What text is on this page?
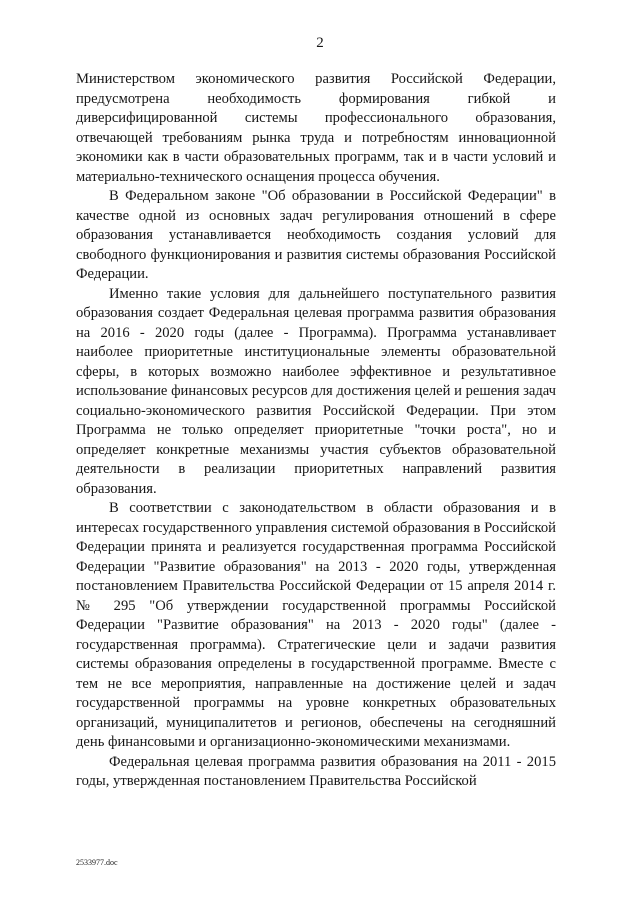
2

Министерством экономического развития Российской Федерации, предусмотрена необходимость формирования гибкой и диверсифицированной системы профессионального образования, отвечающей требованиям рынка труда и потребностям инновационной экономики как в части образовательных программ, так и в части условий и материально-технического оснащения процесса обучения.

В Федеральном законе "Об образовании в Российской Федерации" в качестве одной из основных задач регулирования отношений в сфере образования устанавливается необходимость создания условий для свободного функционирования и развития системы образования Российской Федерации.

Именно такие условия для дальнейшего поступательного развития образования создает Федеральная целевая программа развития образования на 2016 - 2020 годы (далее - Программа). Программа устанавливает наиболее приоритетные институциональные элементы образовательной сферы, в которых возможно наиболее эффективное и результативное использование финансовых ресурсов для достижения целей и решения задач социально-экономического развития Российской Федерации. При этом Программа не только определяет приоритетные "точки роста", но и определяет конкретные механизмы участия субъектов образовательной деятельности в реализации приоритетных направлений развития образования.

В соответствии с законодательством в области образования и в интересах государственного управления системой образования в Российской Федерации принята и реализуется государственная программа Российской Федерации "Развитие образования" на 2013 - 2020 годы, утвержденная постановлением Правительства Российской Федерации от 15 апреля 2014 г. № 295 "Об утверждении государственной программы Российской Федерации "Развитие образования" на 2013 - 2020 годы" (далее - государственная программа). Стратегические цели и задачи развития системы образования определены в государственной программе. Вместе с тем не все мероприятия, направленные на достижение целей и задач государственной программы на уровне конкретных образовательных организаций, муниципалитетов и регионов, обеспечены на сегодняшний день финансовыми и организационно-экономическими механизмами.

Федеральная целевая программа развития образования на 2011 - 2015 годы, утвержденная постановлением Правительства Российской

2533977.doc
